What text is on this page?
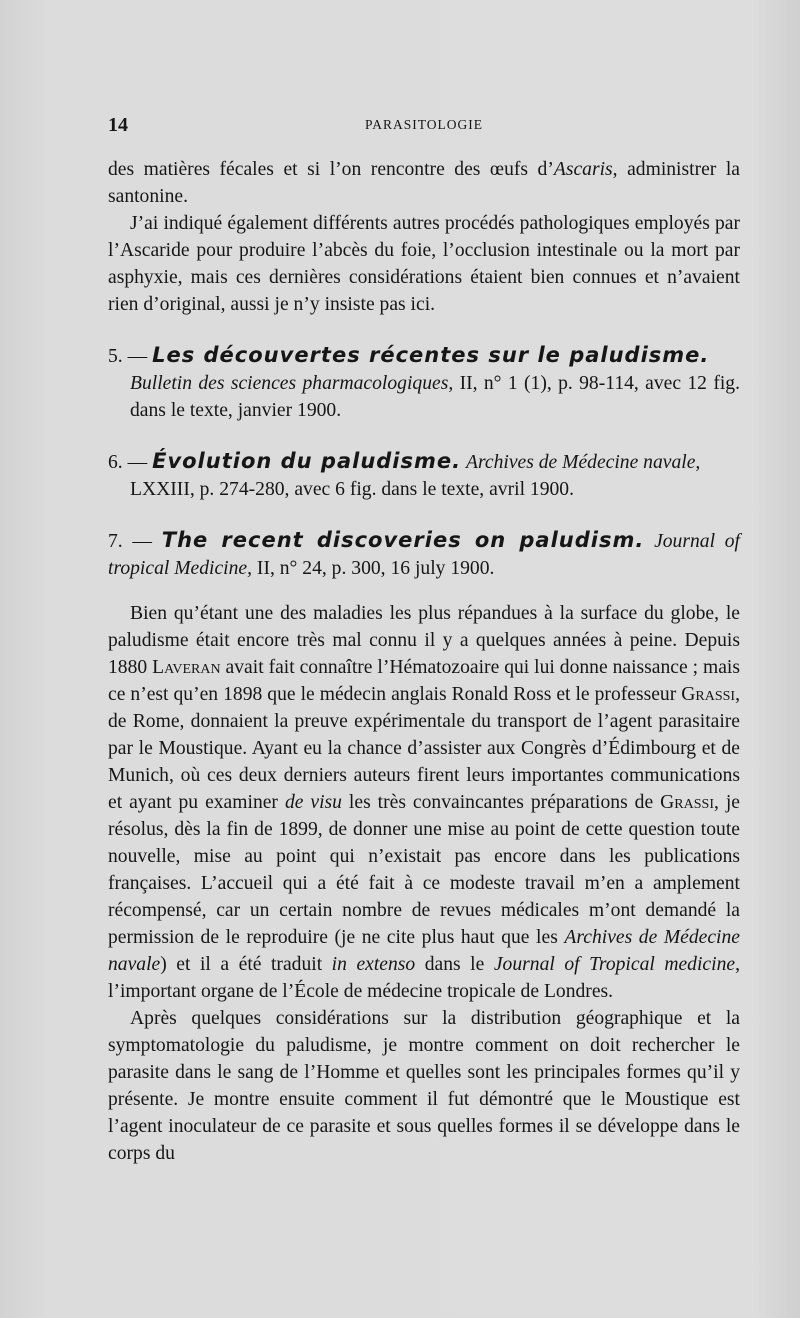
14	PARASITOLOGIE

des matières fécales et si l’on rencontre des œufs d’Ascaris, administrer la santonine.

J’ai indiqué également différents autres procédés pathologiques employés par l’Ascaride pour produire l’abcès du foie, l’occlusion intestinale ou la mort par asphyxie, mais ces dernières considérations étaient bien connues et n’avaient rien d’original, aussi je n’y insiste pas ici.

5. — Les découvertes récentes sur le paludisme.
Bulletin des sciences pharmacologiques, II, n° 1 (1), p. 98-114, avec 12 fig. dans le texte, janvier 1900.

6. — Évolution du paludisme. Archives de Médecine navale,
LXXIII, p. 274-280, avec 6 fig. dans le texte, avril 1900.

7. — The recent discoveries on paludism. Journal of tropical Medicine, II, n° 24, p. 300, 16 july 1900.

Bien qu’étant une des maladies les plus répandues à la surface du globe, le paludisme était encore très mal connu il y a quelques années à peine. Depuis 1880 Laveran avait fait connaître l’Hématozoaire qui lui donne naissance ; mais ce n’est qu’en 1898 que le médecin anglais Ronald Ross et le professeur Grassi, de Rome, donnaient la preuve expérimentale du transport de l’agent parasitaire par le Moustique. Ayant eu la chance d’assister aux Congrès d’Édimbourg et de Munich, où ces deux derniers auteurs firent leurs importantes communications et ayant pu examiner de visu les très convaincantes préparations de Grassi, je résolus, dès la fin de 1899, de donner une mise au point de cette question toute nouvelle, mise au point qui n’existait pas encore dans les publications françaises. L’accueil qui a été fait à ce modeste travail m’en a amplement récompensé, car un certain nombre de revues médicales m’ont demandé la permission de le reproduire (je ne cite plus haut que les Archives de Médecine navale) et il a été traduit in extenso dans le Journal of Tropical medicine, l’important organe de l’École de médecine tropicale de Londres.

Après quelques considérations sur la distribution géographique et la symptomatologie du paludisme, je montre comment on doit rechercher le parasite dans le sang de l’Homme et quelles sont les principales formes qu’il y présente. Je montre ensuite comment il fut démontré que le Moustique est l’agent inoculateur de ce parasite et sous quelles formes il se développe dans le corps du
